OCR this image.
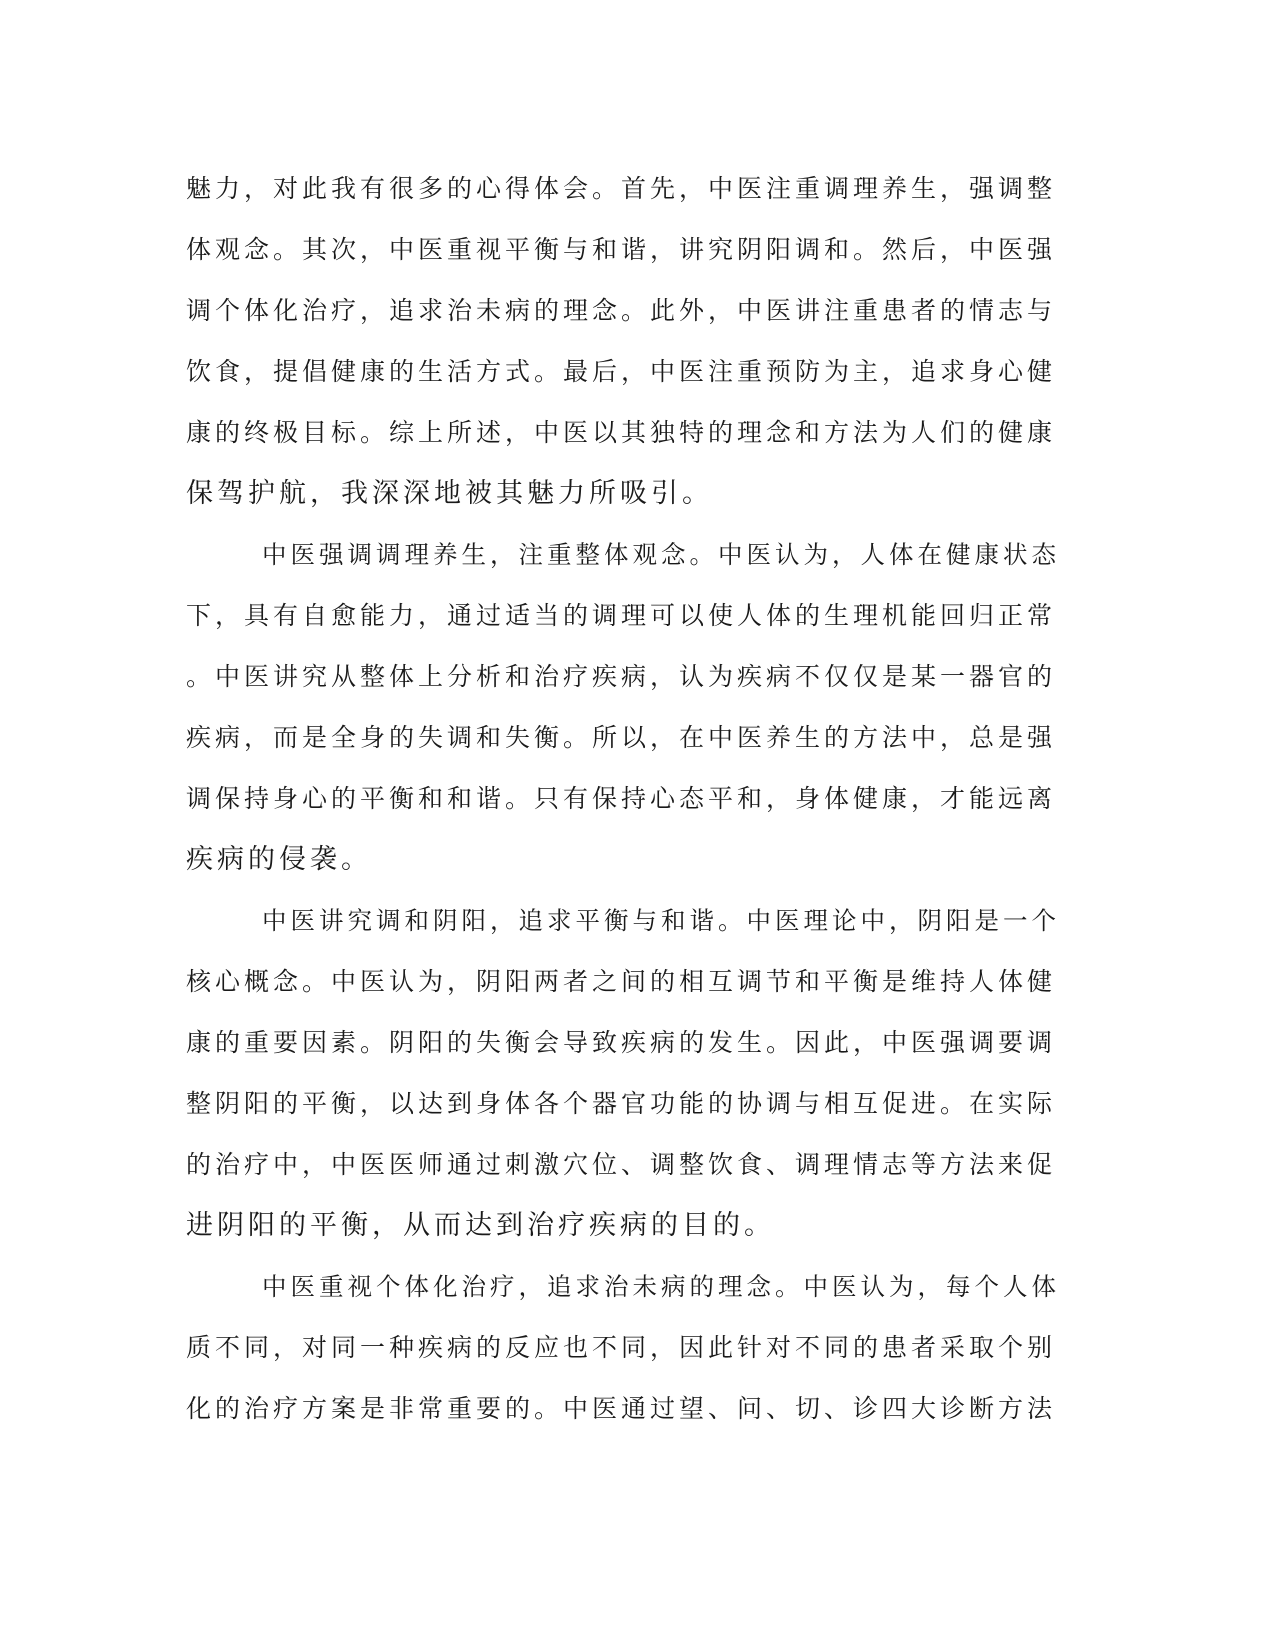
魅力，对此我有很多的心得体会。首先，中医注重调理养生，强调整
体观念。其次，中医重视平衡与和谐，讲究阴阳调和。然后，中医强
调个体化治疗，追求治未病的理念。此外，中医讲注重患者的情志与
饮食，提倡健康的生活方式。最后，中医注重预防为主，追求身心健
康的终极目标。综上所述，中医以其独特的理念和方法为人们的健康
保驾护航，我深深地被其魅力所吸引。
中医强调调理养生，注重整体观念。中医认为，人体在健康状态
下，具有自愈能力，通过适当的调理可以使人体的生理机能回归正常
。中医讲究从整体上分析和治疗疾病，认为疾病不仅仅是某一器官的
疾病，而是全身的失调和失衡。所以，在中医养生的方法中，总是强
调保持身心的平衡和和谐。只有保持心态平和，身体健康，才能远离
疾病的侵袭。
中医讲究调和阴阳，追求平衡与和谐。中医理论中，阴阳是一个
核心概念。中医认为，阴阳两者之间的相互调节和平衡是维持人体健
康的重要因素。阴阳的失衡会导致疾病的发生。因此，中医强调要调
整阴阳的平衡，以达到身体各个器官功能的协调与相互促进。在实际
的治疗中，中医医师通过刺激穴位、调整饮食、调理情志等方法来促
进阴阳的平衡，从而达到治疗疾病的目的。
中医重视个体化治疗，追求治未病的理念。中医认为，每个人体
质不同，对同一种疾病的反应也不同，因此针对不同的患者采取个别
化的治疗方案是非常重要的。中医通过望、问、切、诊四大诊断方法
